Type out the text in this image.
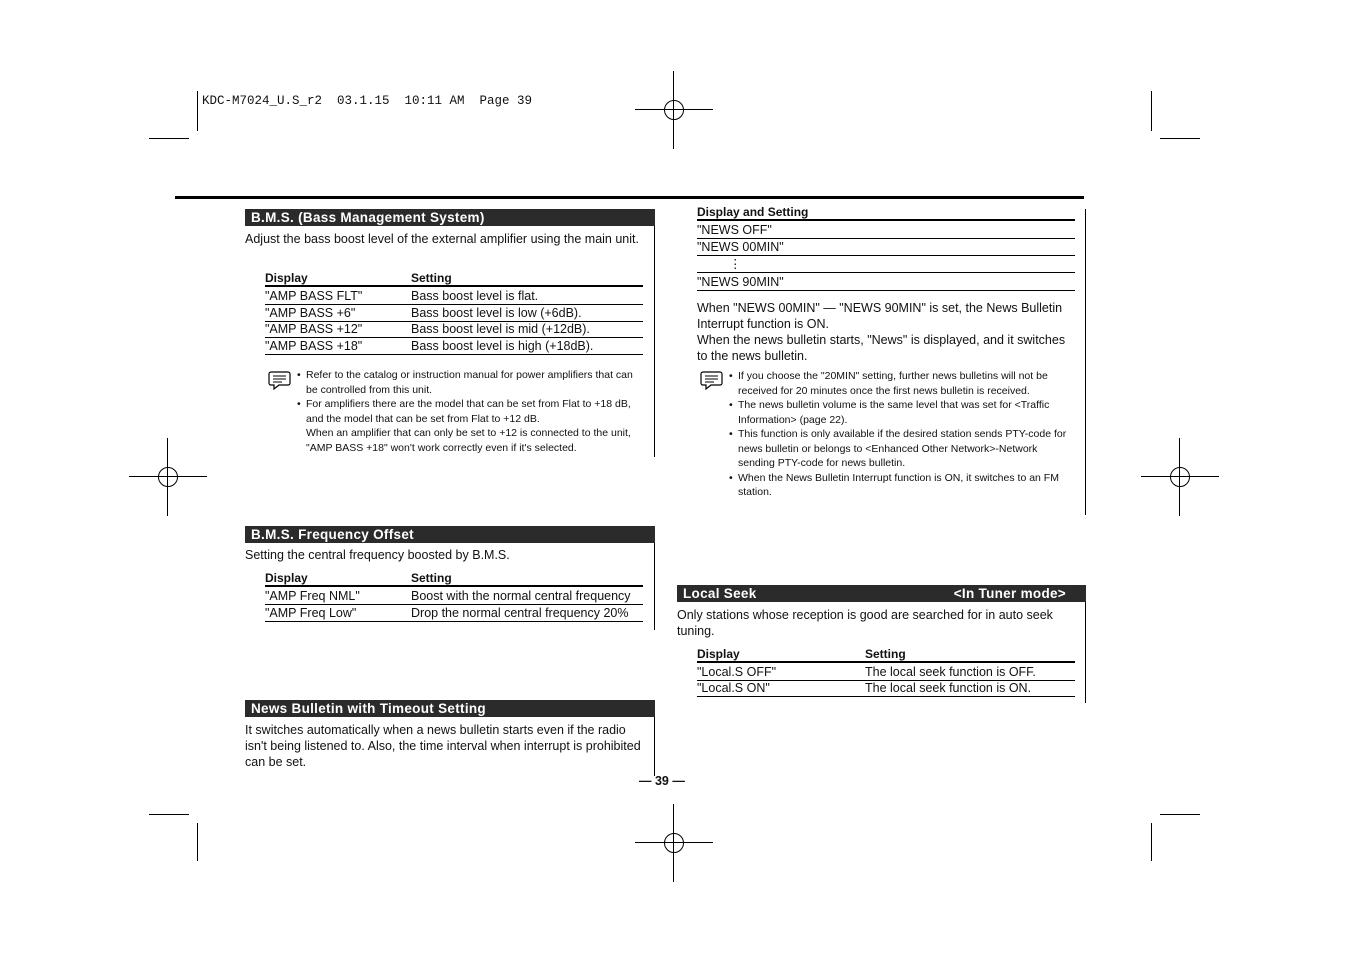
KDC-M7024_U.S_r2  03.1.15  10:11 AM  Page 39
B.M.S. (Bass Management System)
Adjust the bass boost level of the external amplifier using the main unit.
Display	Setting
"AMP BASS FLT"	Bass boost level is flat.
"AMP BASS +6"	Bass boost level is low (+6dB).
"AMP BASS +12"	Bass boost level is mid (+12dB).
"AMP BASS +18"	Bass boost level is high (+18dB).
• Refer to the catalog or instruction manual for power amplifiers that can be controlled from this unit.
• For amplifiers there are the model that can be set from Flat to +18 dB, and the model that can be set from Flat to +12 dB.
When an amplifier that can only be set to +12 is connected to the unit, "AMP BASS +18" won't work correctly even if it's selected.
B.M.S. Frequency Offset
Setting the central frequency boosted by B.M.S.
Display	Setting
"AMP Freq NML"	Boost with the normal central frequency
"AMP Freq Low"	Drop the normal central frequency 20%
News Bulletin with Timeout Setting
It switches automatically when a news bulletin starts even if the radio isn't being listened to. Also, the time interval when interrupt is prohibited can be set.
Display and Setting
"NEWS OFF"
"NEWS 00MIN"
⋮
"NEWS 90MIN"
When "NEWS 00MIN" — "NEWS 90MIN" is set, the News Bulletin Interrupt function is ON.
When the news bulletin starts, "News" is displayed, and it switches to the news bulletin.
• If you choose the "20MIN" setting, further news bulletins will not be received for 20 minutes once the first news bulletin is received.
• The news bulletin volume is the same level that was set for <Traffic Information> (page 22).
• This function is only available if the desired station sends PTY-code for news bulletin or belongs to <Enhanced Other Network>-Network sending PTY-code for news bulletin.
• When the News Bulletin Interrupt function is ON, it switches to an FM station.
Local Seek	<In Tuner mode>
Only stations whose reception is good are searched for in auto seek tuning.
Display	Setting
"Local.S OFF"	The local seek function is OFF.
"Local.S ON"	The local seek function is ON.
— 39 —
